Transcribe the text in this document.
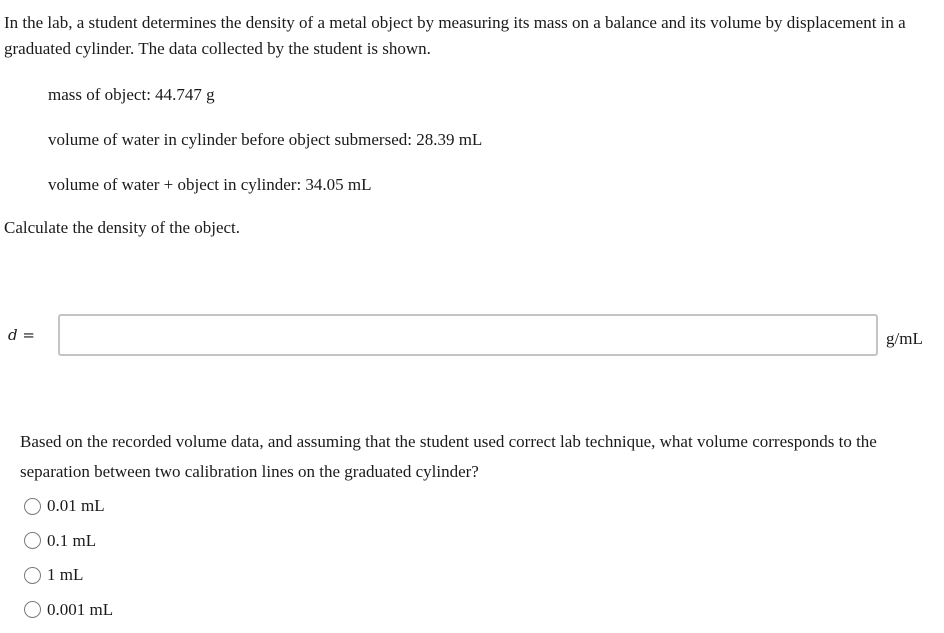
In the lab, a student determines the density of a metal object by measuring its mass on a balance and its volume by displacement in a graduated cylinder. The data collected by the student is shown.

mass of object: 44.747 g

volume of water in cylinder before object submersed: 28.39 mL

volume of water + object in cylinder: 34.05 mL

Calculate the density of the object.

d =	g/mL

Based on the recorded volume data, and assuming that the student used correct lab technique, what volume corresponds to the separation between two calibration lines on the graduated cylinder?

0.01 mL
0.1 mL
1 mL
0.001 mL
